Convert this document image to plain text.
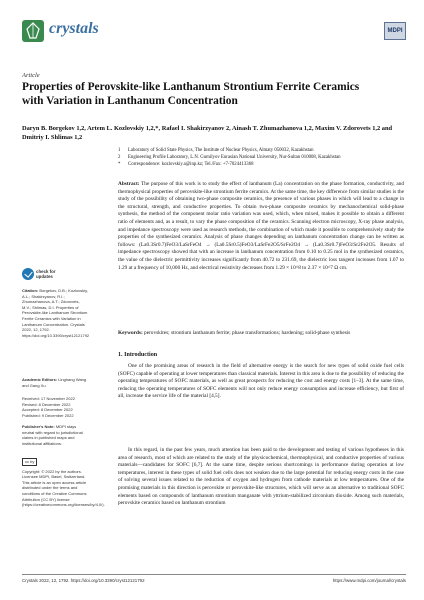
crystals	MDPI
Article
Properties of Perovskite-like Lanthanum Strontium Ferrite Ceramics with Variation in Lanthanum Concentration
Daryn B. Borgekov 1,2, Artem L. Kozlovskiy 1,2,*, Rafael I. Shakirzyanov 2, Ainash T. Zhumazhanova 1,2, Maxim V. Zdorovets 1,2 and Dmitriy I. Shlimas 1,2
1	Laboratory of Solid State Physics, The Institute of Nuclear Physics, Almaty 050032, Kazakhstan
2	Engineering Profile Laboratory, L.N. Gumilyov Eurasian National University, Nur-Sultan 010008, Kazakhstan
*	Correspondence: kozlovskiy.a@inp.kz; Tel./Fax: +7-7024413368
Abstract: The purpose of this work is to study the effect of lanthanum (La) concentration on the phase formation, conductivity, and thermophysical properties of perovskite-like strontium ferrite ceramics. At the same time, the key difference from similar studies is the study of the possibility of obtaining two-phase composite ceramics, the presence of various phases in which will lead to a change in the structural, strength, and conductive properties. To obtain two-phase composite ceramics by mechanochemical solid-phase synthesis, the method of the component molar ratio variation was used, which, when mixed, makes it possible to obtain a different ratio of elements and, as a result, to vary the phase composition of the ceramics. Scanning electron microscopy, X-ray phase analysis, and impedance spectroscopy were used as research methods, the combination of which made it possible to comprehensively study the properties of the synthesized ceramics. Analysis of phase changes depending on lanthanum concentration change can be written as follows: (La0.3Sr0.7)FeO3/LaSrFeO4 → (La0.5Sr0.5)FeO3/LaSrFe2O5/SrFe2O4 → (La0.3Sr0.7)FeO3/Sr2Fe2O5. Results of impedance spectroscopy showed that with an increase in lanthanum concentration from 0.10 to 0.25 mol in the synthesized ceramics, the value of the dielectric permittivity increases significantly from 40.72 to 231.69, the dielectric loss tangent increases from 1.07 to 1.29 at a frequency of 10,000 Hz, and electrical resistivity decreases from 1.29 × 10^8 to 2.37 × 10^7 Ω cm.
Keywords: perovskites; strontium lanthanum ferrite; phase transformations; hardening; solid-phase synthesis
check for updates
Citation: Borgekov, D.B.; Kozlovskiy, A.L.; Shakirzyanov, R.I.; Zhumazhanova, A.T.; Zdorovets, M.V.; Shlimas, D.I. Properties of Perovskite-like Lanthanum Strontium Ferrite Ceramics with Variation in Lanthanum Concentration. Crystals 2022, 12, 1792. https://doi.org/10.3390/cryst12121792
Academic Editors: Linghang Wang and Gang Xu
Received: 17 November 2022
Revised: 8 December 2022
Accepted: 8 December 2022
Published: 9 December 2022
Publisher's Note: MDPI stays neutral with regard to jurisdictional claims in published maps and institutional affiliations.
cc by
Copyright: © 2022 by the authors. Licensee MDPI, Basel, Switzerland. This article is an open access article distributed under the terms and conditions of the Creative Commons Attribution (CC BY) license (https://creativecommons.org/licenses/by/4.0/).
1. Introduction
One of the promising areas of research in the field of alternative energy is the search for new types of solid oxide fuel cells (SOFC) capable of operating at lower temperatures than classical materials. Interest in this area is due to the possibility of reducing the operating temperatures of SOFC materials, as well as great prospects for reducing the cost and energy costs [1–3]. At the same time, reducing the operating temperatures of SOFC elements will not only reduce energy consumption and increase efficiency, but first of all, increase the service life of the material [4,5].
In this regard, in the past few years, much attention has been paid to the development and testing of various hypotheses in this area of research, most of which are related to the study of the physicochemical, thermophysical, and conductive properties of various materials—candidates for SOFC [6,7]. At the same time, despite serious shortcomings in performance during operation at low temperatures, interest in these types of solid fuel cells does not weaken due to the large potential for reducing energy costs in the case of solving several issues related to the reduction of oxygen and hydrogen from cathode materials at low temperatures. One of the promising materials in this direction is perovskite or perovskite-like structures, which will serve as an alternative to traditional SOFC elements based on compounds of lanthanum strontium manganate with yttrium-stabilized zirconium dioxide. Among such materials, perovskite ceramics based on lanthanum strontium
Crystals 2022, 12, 1792. https://doi.org/10.3390/cryst12121792	https://www.mdpi.com/journal/crystals
